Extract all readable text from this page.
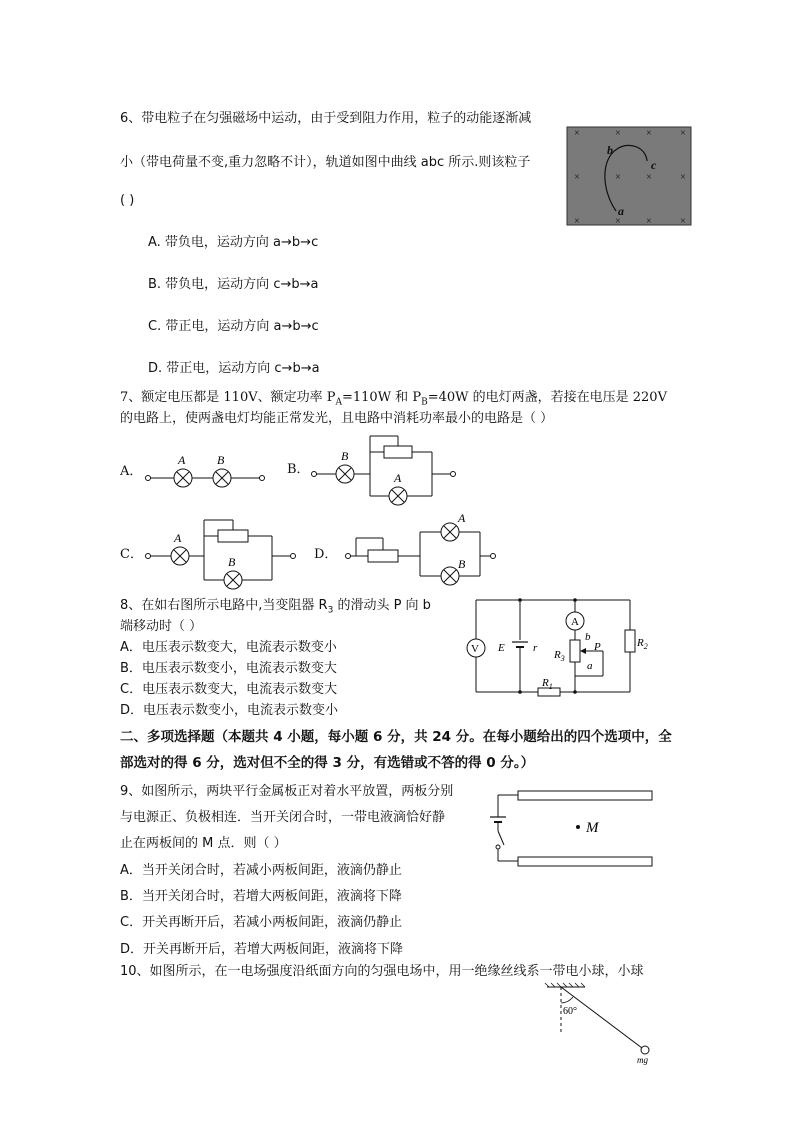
6、带电粒子在匀强磁场中运动，由于受到阻力作用，粒子的动能逐渐减
小（带电荷量不变,重力忽略不计），轨道如图中曲线 abc 所示.则该粒子
( )
A. 带负电，运动方向 a→b→c
B. 带负电，运动方向 c→b→a
C. 带正电，运动方向 a→b→c
D. 带正电，运动方向 c→b→a
×	×	×	×
×	×	×	×
×	×	×	×
b
c
a
7、额定电压都是 110V、额定功率 $P_A=110W$ 和 $P_B=40W$ 的电灯两盏，若接在电压是 220V
的电路上，使两盏电灯均能正常发光，且电路中消耗功率最小的电路是（ ）
A．	B．
C．	D．
A	B	B
A
A
B
A
B
8、在如右图所示电路中,当变阻器 $R_3$ 的滑动头 P 向 b
端移动时（ ）
A．电压表示数变大，电流表示数变小
B．电压表示数变小，电流表示数变大
C．电压表示数变大，电流表示数变大
D．电压表示数变小，电流表示数变小
V E	r
A
b
a
P
$R_3$
$R_2$
$R_1$
二、多项选择题（本题共 4 小题，每小题 6 分，共 24 分。在每小题给出的四个选项中，全
部选对的得 6 分，选对但不全的得 3 分，有选错或不答的得 0 分。）
9、如图所示，两块平行金属板正对着水平放置，两板分别
与电源正、负极相连．当开关闭合时，一带电液滴恰好静
止在两板间的 M 点．则（ ）
A．当开关闭合时，若减小两板间距，液滴仍静止
B．当开关闭合时，若增大两板间距，液滴将下降
C．开关再断开后，若减小两板间距，液滴仍静止
D．开关再断开后，若增大两板间距，液滴将下降
M
10、如图所示，在一电场强度沿纸面方向的匀强电场中，用一绝缘丝线系一带电小球，小球
60°
mg
